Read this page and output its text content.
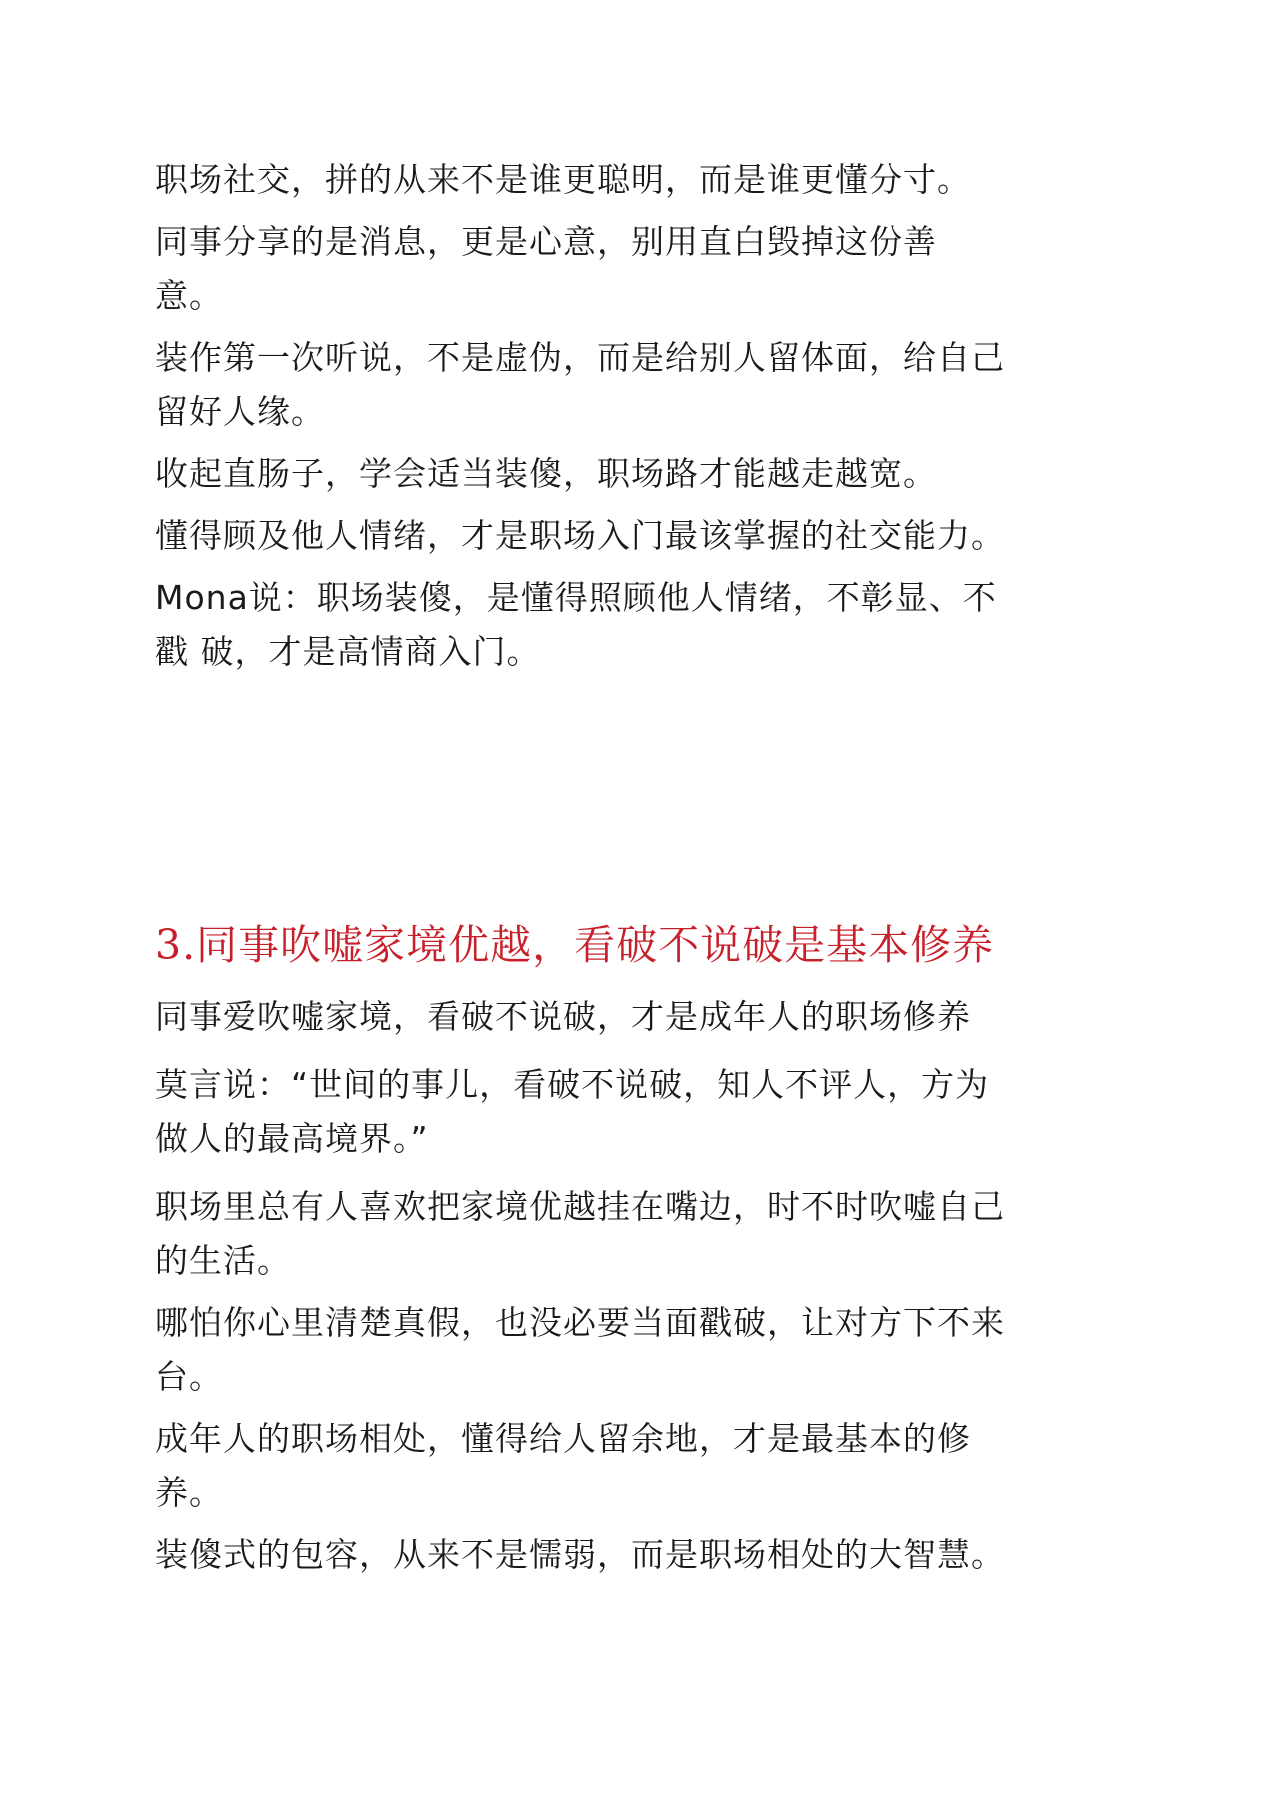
职场社交，拼的从来不是谁更聪明，而是谁更懂分寸。

同事分享的是消息，更是心意，别用直白毁掉这份善

意。

装作第一次听说，不是虚伪，而是给别人留体面，给自己

留好人缘。

收起直肠子，学会适当装傻，职场路才能越走越宽。

懂得顾及他人情绪，才是职场入门最该掌握的社交能力。

Mona说：职场装傻，是懂得照顾他人情绪，不彰显、不

戳 破，才是高情商入门。

3.同事吹嘘家境优越，看破不说破是基本修养

同事爱吹嘘家境，看破不说破，才是成年人的职场修养

莫言说：“世间的事儿，看破不说破，知人不评人，方为

做人的最高境界。”

职场里总有人喜欢把家境优越挂在嘴边，时不时吹嘘自己

的生活。

哪怕你心里清楚真假，也没必要当面戳破，让对方下不来

台。

成年人的职场相处，懂得给人留余地，才是最基本的修

养。

装傻式的包容，从来不是懦弱，而是职场相处的大智慧。
